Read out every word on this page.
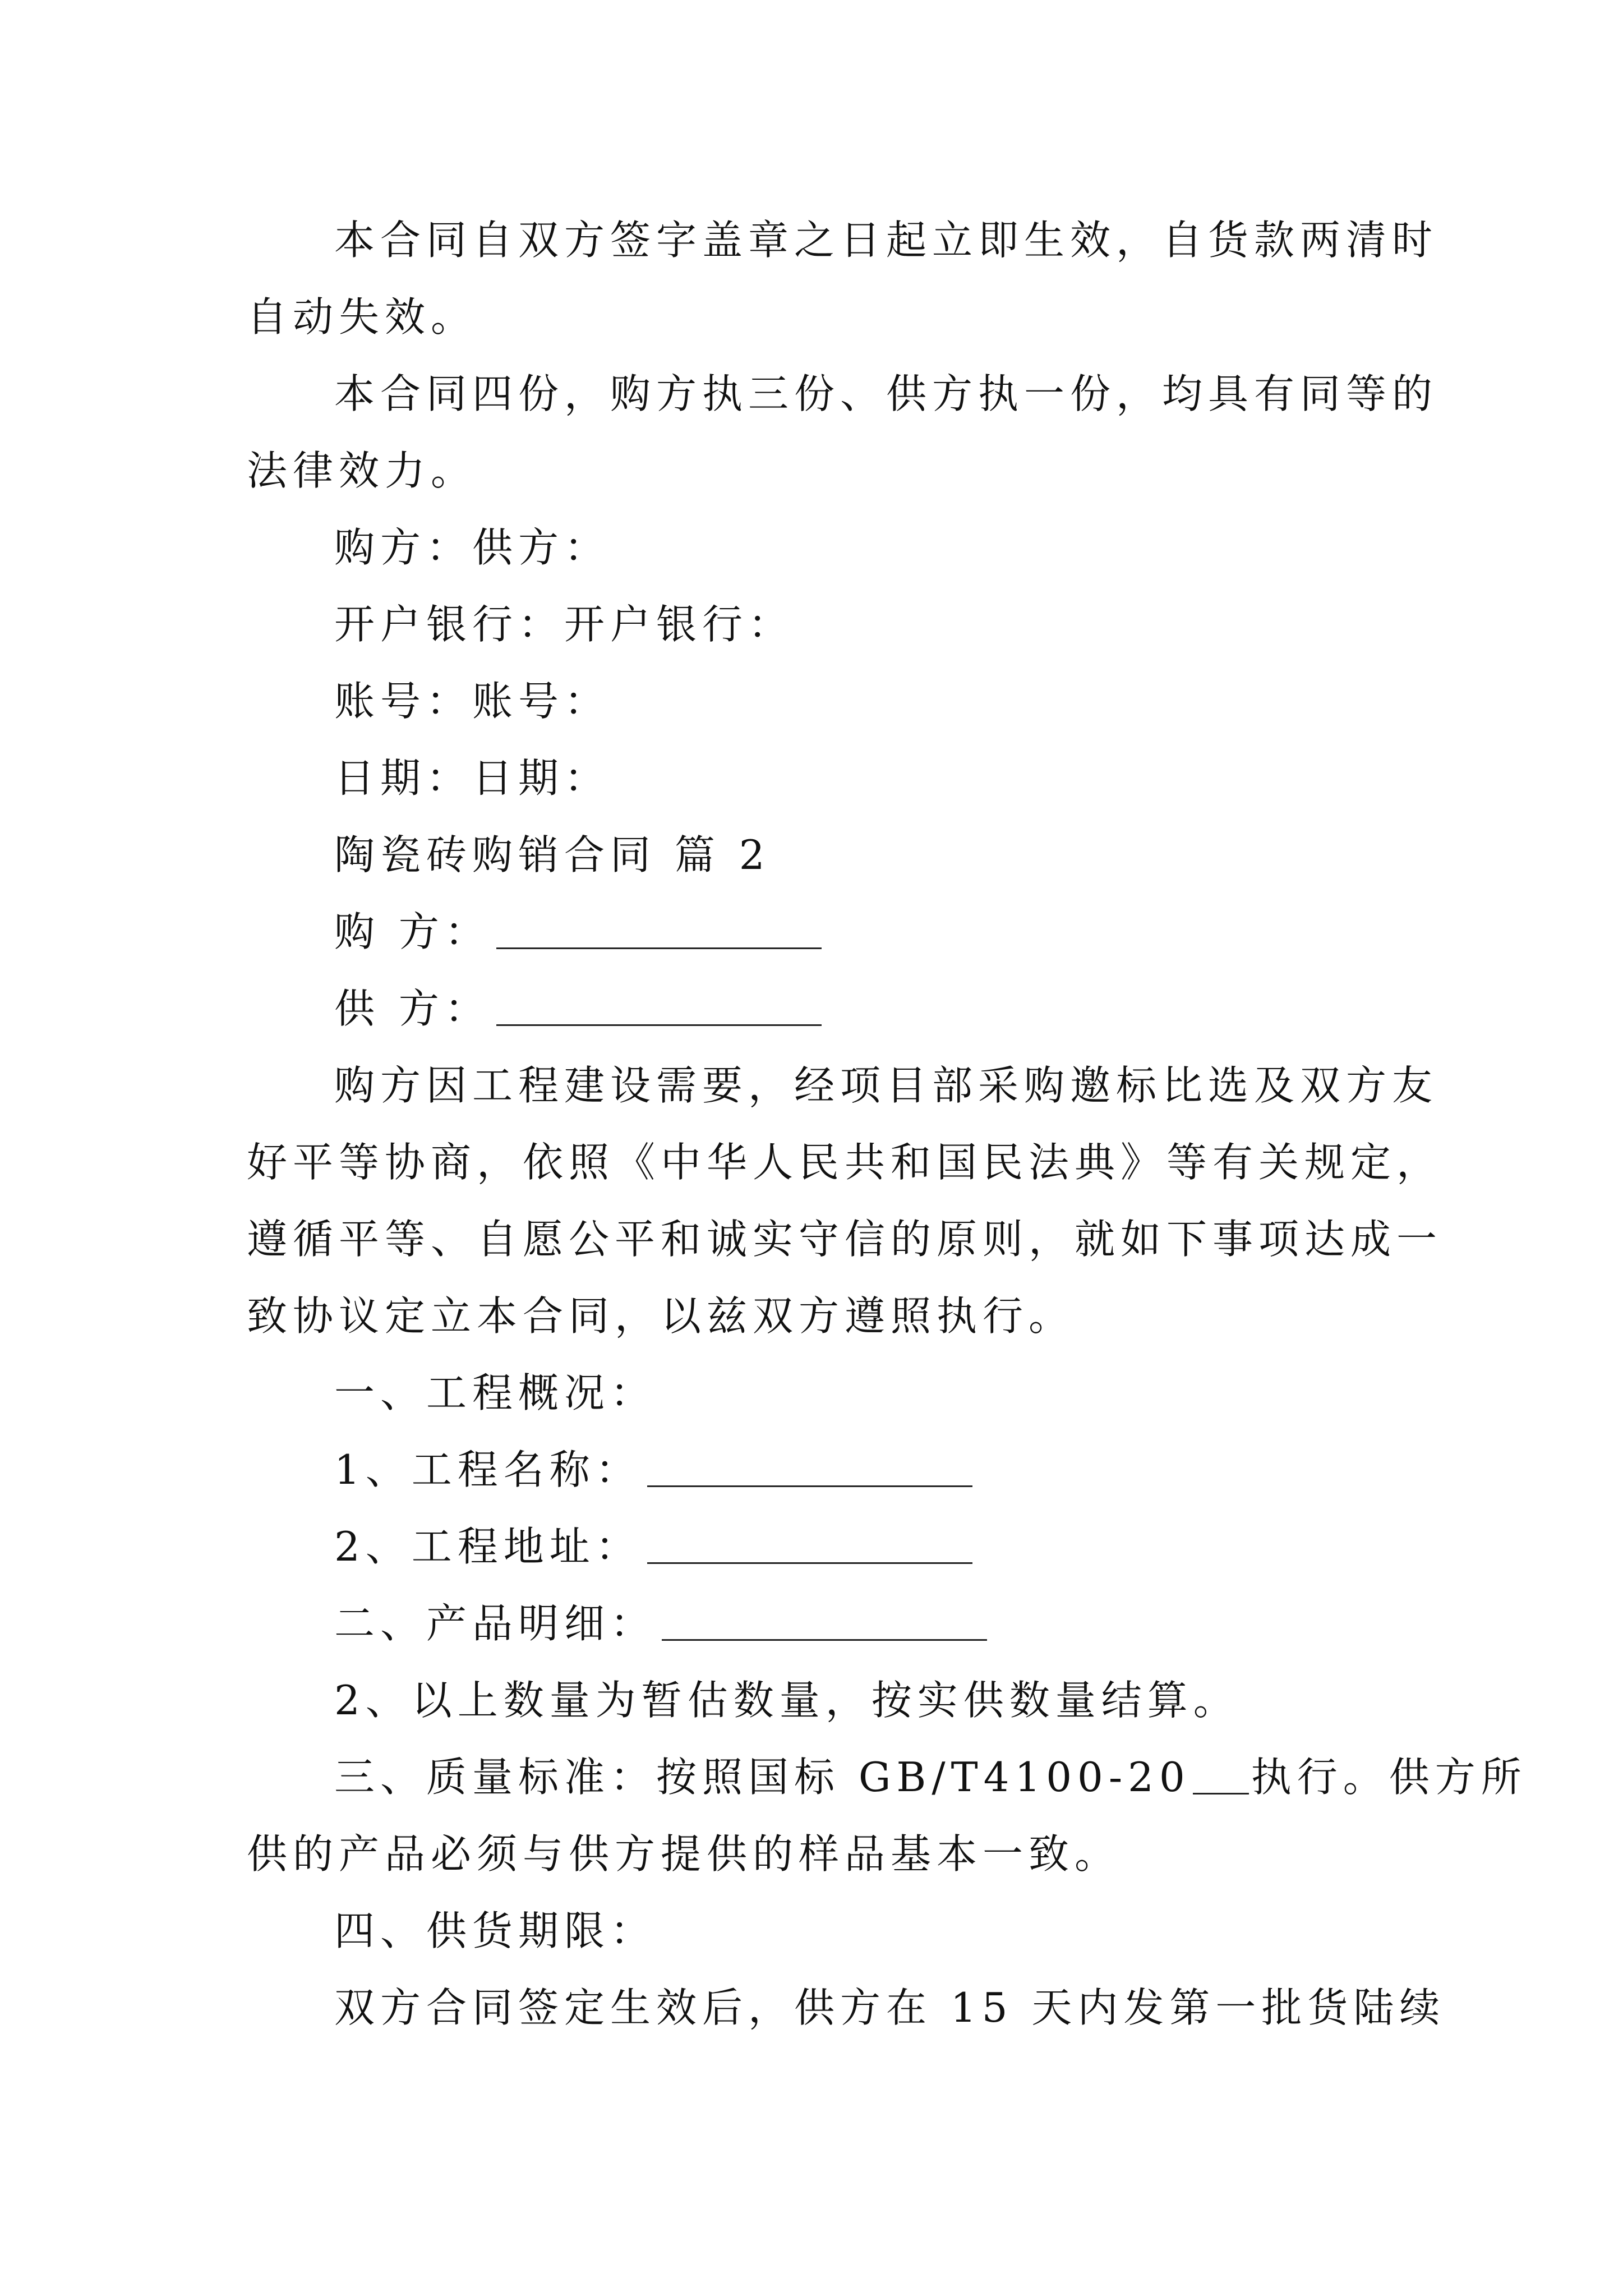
本合同自双方签字盖章之日起立即生效，自货款两清时
自动失效。
本合同四份，购方执三份、供方执一份，均具有同等的
法律效力。
购方：供方：
开户银行：开户银行：
账号：账号：
日期：日期：
陶瓷砖购销合同 篇 2
购 方：
供 方：
购方因工程建设需要，经项目部采购邀标比选及双方友
好平等协商，依照《中华人民共和国民法典》等有关规定，
遵循平等、自愿公平和诚实守信的原则，就如下事项达成一
致协议定立本合同，以兹双方遵照执行。
一、工程概况：
1、工程名称：
2、工程地址：
二、产品明细：
2、以上数量为暂估数量，按实供数量结算。
三、质量标准：按照国标 GB/T4100-20 执行。供方所
供的产品必须与供方提供的样品基本一致。
四、供货期限：
双方合同签定生效后，供方在 15 天内发第一批货陆续
